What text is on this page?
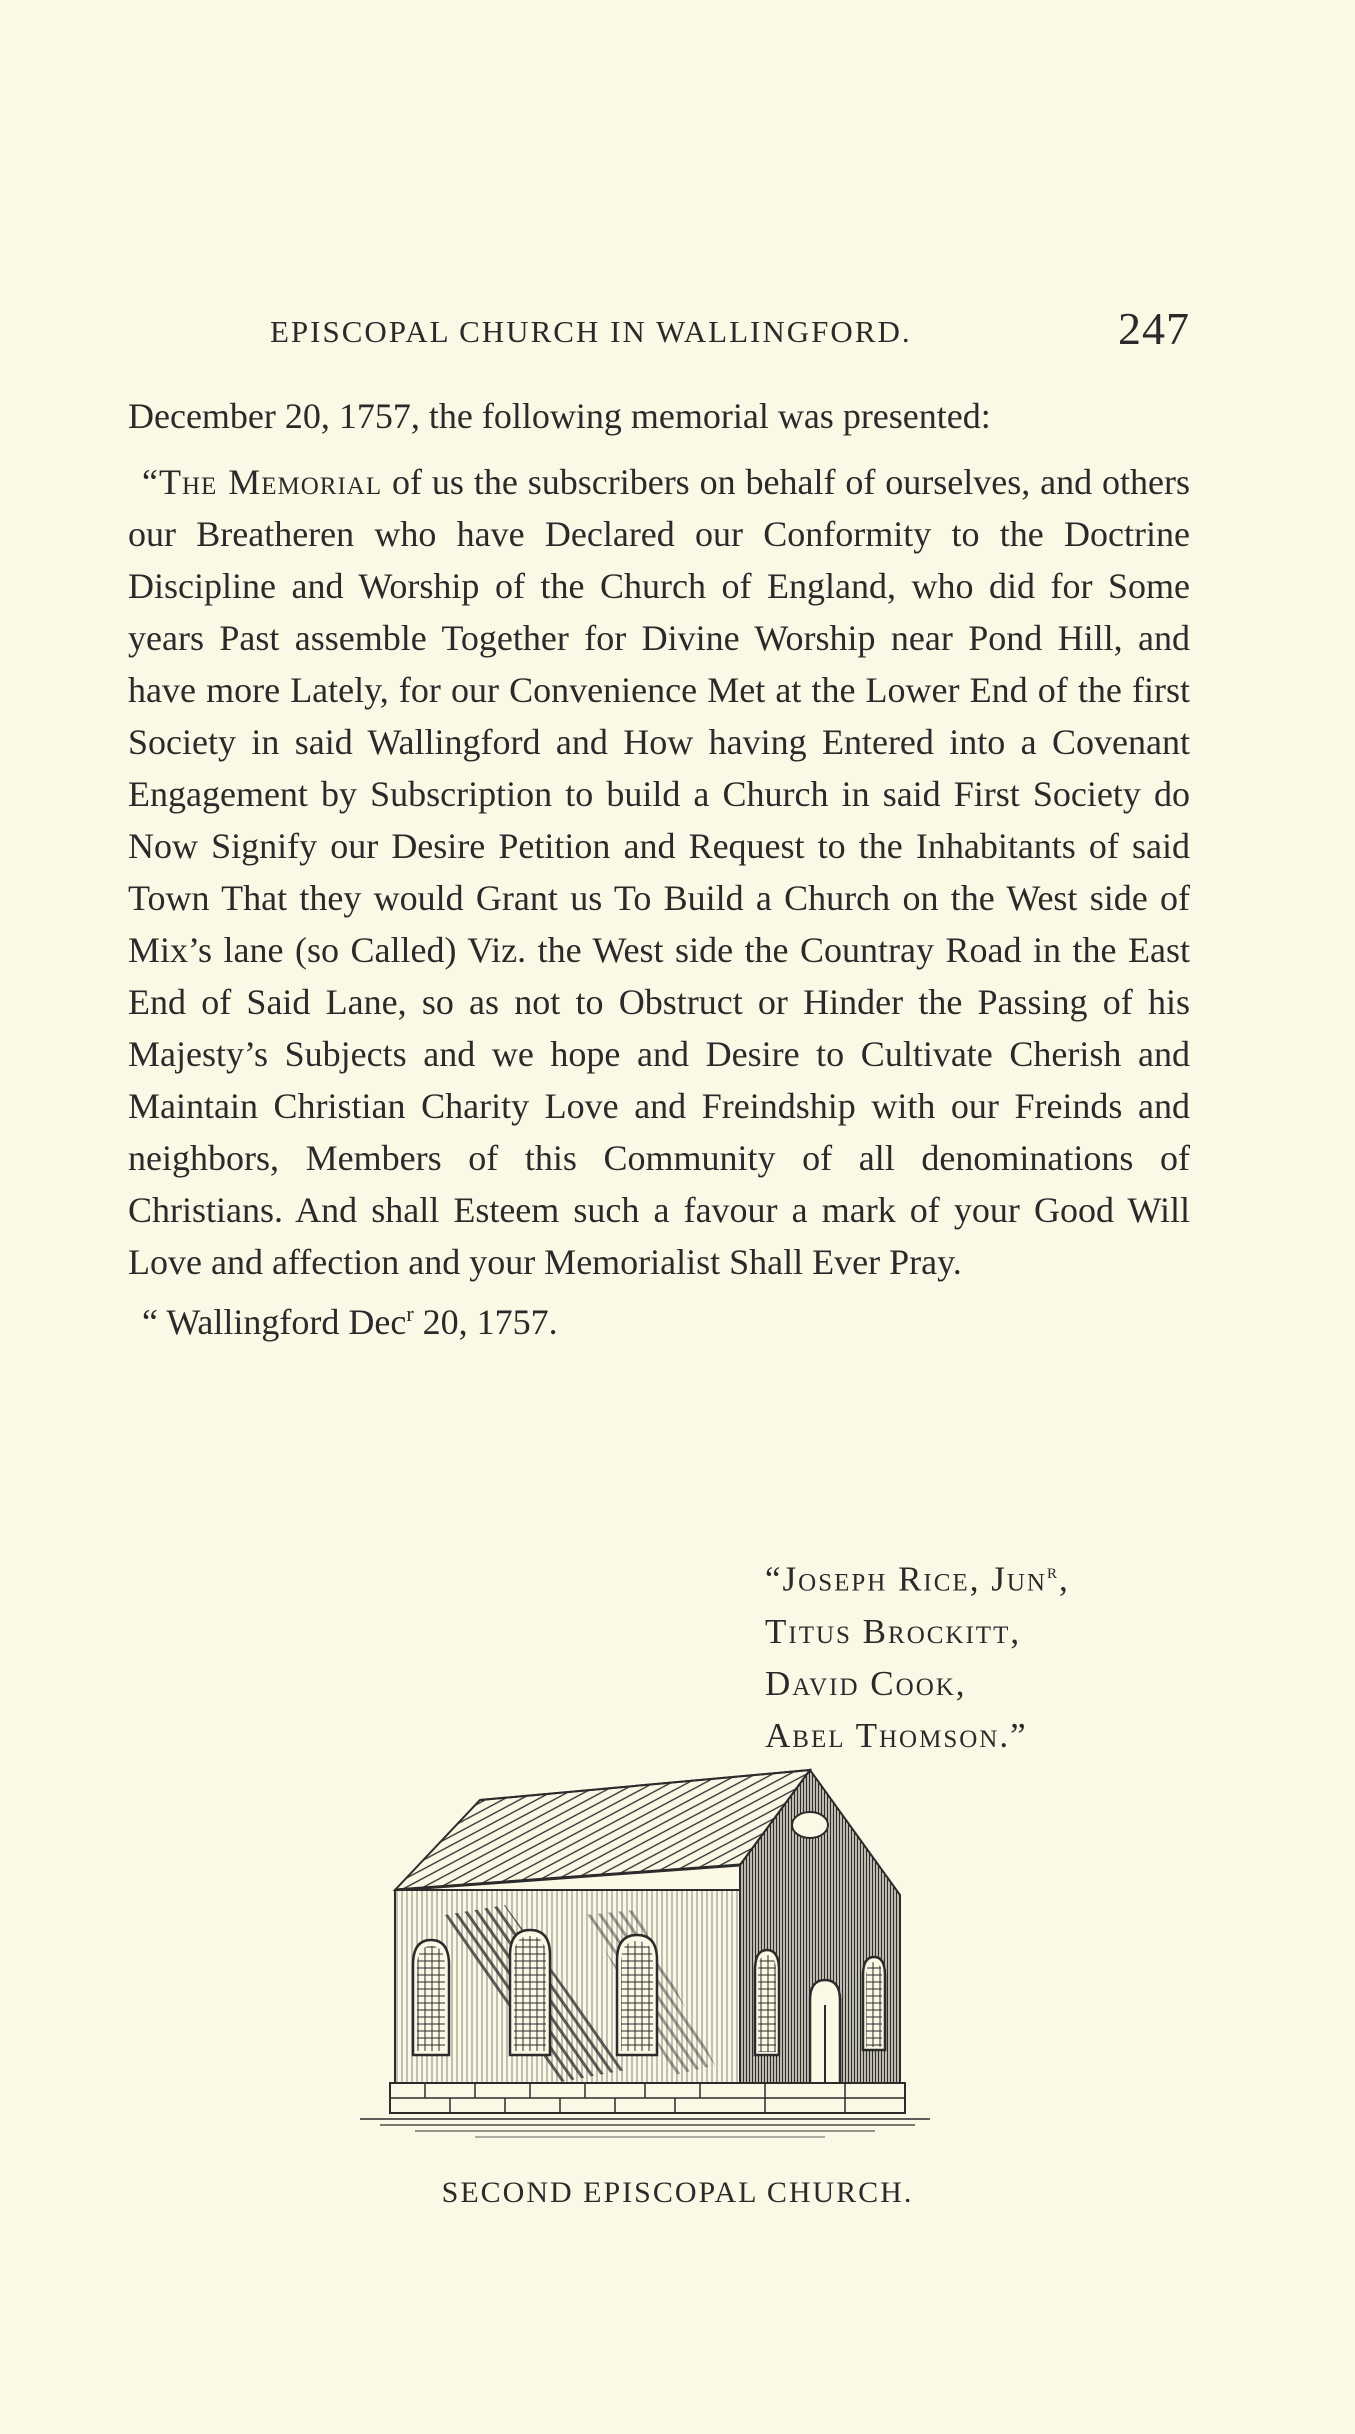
EPISCOPAL CHURCH IN WALLINGFORD.	247

December 20, 1757, the following memorial was presented:

“The Memorial of us the subscribers on behalf of ourselves, and others our Breatheren who have Declared our Conformity to the Doctrine Discipline and Worship of the Church of England, who did for Some years Past assemble Together for Divine Worship near Pond Hill, and have more Lately, for our Convenience Met at the Lower End of the first Society in said Wallingford and How having Entered into a Covenant Engagement by Subscription to build a Church in said First Society do Now Signify our Desire Petition and Request to the Inhabitants of said Town That they would Grant us To Build a Church on the West side of Mix’s lane (so Called) Viz. the West side the Countray Road in the East End of Said Lane, so as not to Obstruct or Hinder the Passing of his Majesty’s Subjects and we hope and Desire to Cultivate Cherish and Maintain Christian Charity Love and Freindship with our Freinds and neighbors, Members of this Community of all denominations of Christians. And shall Esteem such a favour a mark of your Good Will Love and affection and your Memorialist Shall Ever Pray.

“ Wallingford Dec$^r$ 20, 1757.

“Joseph Rice, Jun$^r$,
Titus Brockitt,
David Cook,
Abel Thomson.”
SECOND EPISCOPAL CHURCH.
